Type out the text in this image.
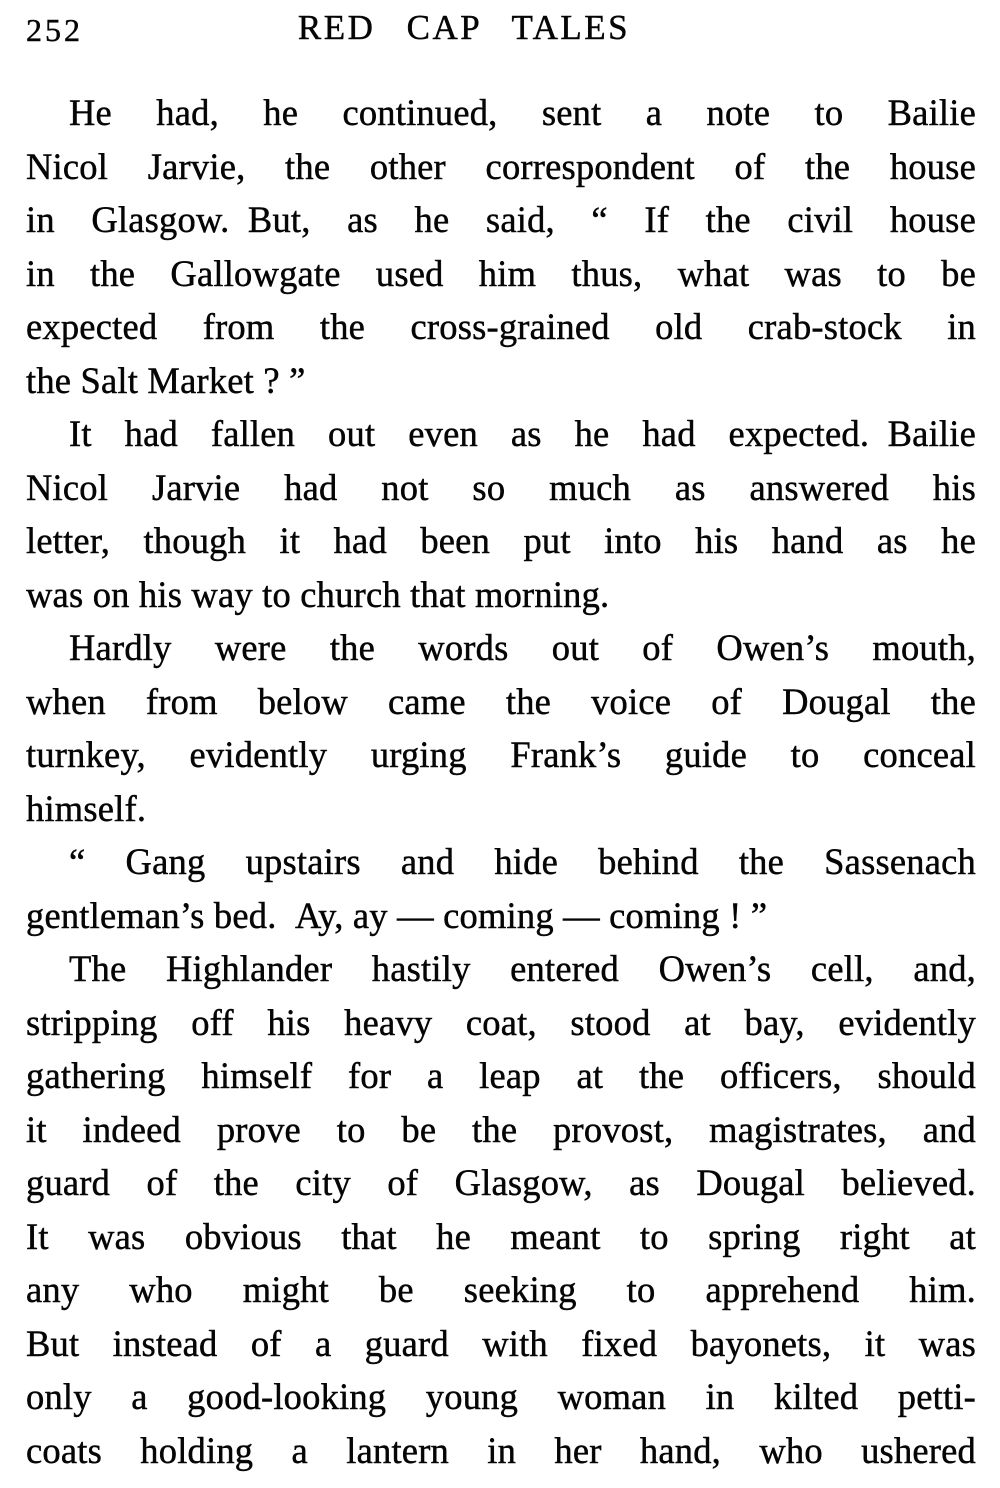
252	RED CAP TALES

He had, he continued, sent a note to Bailie

Nicol Jarvie, the other correspondent of the house

in Glasgow. But, as he said, “ If the civil house

in the Gallowgate used him thus, what was to be

expected from the cross-grained old crab-stock in

the Salt Market ? ”

It had fallen out even as he had expected. Bailie

Nicol Jarvie had not so much as answered his

letter, though it had been put into his hand as he

was on his way to church that morning.

Hardly were the words out of Owen’s mouth,

when from below came the voice of Dougal the

turnkey, evidently urging Frank’s guide to conceal

himself.

“ Gang upstairs and hide behind the Sassenach

gentleman’s bed. Ay, ay — coming — coming ! ”

The Highlander hastily entered Owen’s cell, and,

stripping off his heavy coat, stood at bay, evidently

gathering himself for a leap at the officers, should

it indeed prove to be the provost, magistrates, and

guard of the city of Glasgow, as Dougal believed.

It was obvious that he meant to spring right at

any who might be seeking to apprehend him.

But instead of a guard with fixed bayonets, it was

only a good-looking young woman in kilted petti-

coats holding a lantern in her hand, who ushered
